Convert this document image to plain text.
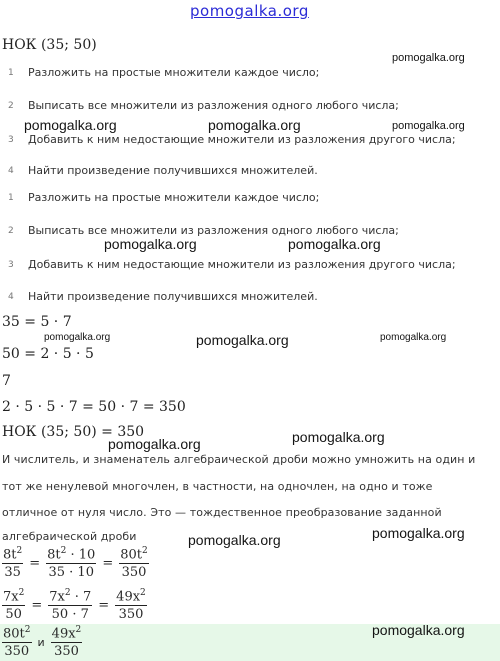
pomogalka.org
НОК (35; 50)
1 Разложить на простые множители каждое число;
2 Выписать все множители из разложения одного любого числа;
3 Добавить к ним недостающие множители из разложения другого числа;
4 Найти произведение получившихся множителей.
1 Разложить на простые множители каждое число;
2 Выписать все множители из разложения одного любого числа;
3 Добавить к ним недостающие множители из разложения другого числа;
4 Найти произведение получившихся множителей.
35 = 5 · 7
50 = 2 · 5 · 5
7
2 · 5 · 5 · 7 = 50 · 7 = 350
НОК (35; 50) = 350
И числитель, и знаменатель алгебраической дроби можно умножить на один и
тот же ненулевой многочлен, в частности, на одночлен, на одно и тоже
отличное от нуля число. Это — тождественное преобразование заданной
алгебраической дроби
$\frac{8t^2}{35} = \frac{8t^2 \cdot 10}{35 \cdot 10} = \frac{80t^2}{350}$
$\frac{7x^2}{50} = \frac{7x^2 \cdot 7}{50 \cdot 7} = \frac{49x^2}{350}$
$\frac{80t^2}{350}$ и $\frac{49x^2}{350}$
pomogalka.org
pomogalka.org	pomogalka.org	pomogalka.org
pomogalka.org	pomogalka.org
pomogalka.org	pomogalka.org	pomogalka.org
pomogalka.org	pomogalka.org
pomogalka.org	pomogalka.org
pomogalka.org
